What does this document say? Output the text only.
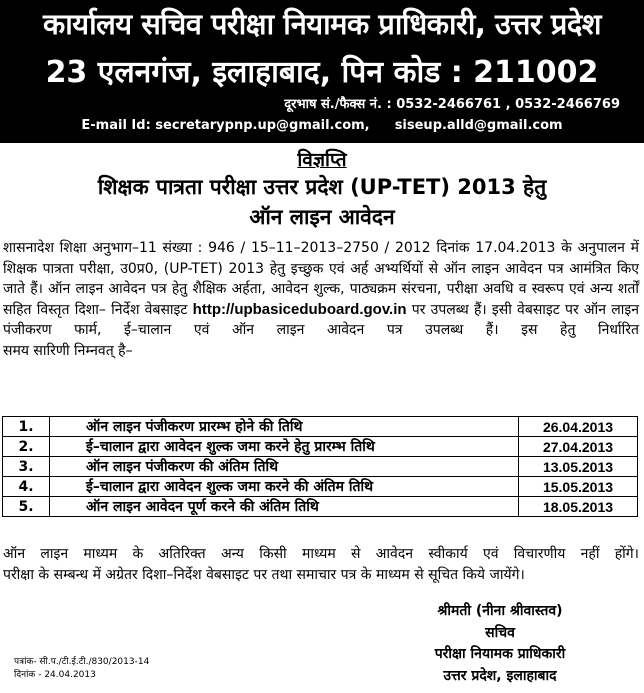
कार्यालय सचिव परीक्षा नियामक प्राधिकारी, उत्तर प्रदेश
23 एलनगंज, इलाहाबाद, पिन कोड : 211002
दूरभाष सं./फैक्स नं. : 0532-2466761 , 0532-2466769
E-mail Id: secretarypnp.up@gmail.com, siseup.alld@gmail.com
विज्ञप्ति
शिक्षक पात्रता परीक्षा उत्तर प्रदेश (UP-TET) 2013 हेतु
ऑन लाइन आवेदन
शासनादेश शिक्षा अनुभाग–11 संख्या : 946 / 15–11–2013–2750 / 2012 दिनांक 17.04.2013 के अनुपालन में शिक्षक पात्रता परीक्षा, उ0प्र0, (UP-TET) 2013 हेतु इच्छुक एवं अर्ह अभ्यर्थियों से ऑन लाइन आवेदन पत्र आमंत्रित किए जाते हैं। ऑन लाइन आवेदन पत्र हेतु शैक्षिक अर्हता, आवेदन शुल्क, पाठ्यक्रम संरचना, परीक्षा अवधि व स्वरूप एवं अन्य शर्तों सहित विस्तृत दिशा– निर्देश वेबसाइट http://upbasiceduboard.gov.in पर उपलब्ध हैं। इसी वेबसाइट पर ऑन लाइन पंजीकरण फार्म, ई–चालान एवं ऑन लाइन आवेदन पत्र उपलब्ध हैं। इस हेतु निर्धारित
समय सारिणी निम्नवत् है–
1.	ऑन लाइन पंजीकरण प्रारम्भ होने की तिथि	26.04.2013
2.	ई–चालान द्वारा आवेदन शुल्क जमा करने हेतु प्रारम्भ तिथि	27.04.2013
3.	ऑन लाइन पंजीकरण की अंतिम तिथि	13.05.2013
4.	ई–चालान द्वारा आवेदन शुल्क जमा करने की अंतिम तिथि	15.05.2013
5.	ऑन लाइन आवेदन पूर्ण करने की अंतिम तिथि	18.05.2013
ऑन लाइन माध्यम के अतिरिक्त अन्य किसी माध्यम से आवेदन स्वीकार्य एवं विचारणीय नहीं होंगे।
परीक्षा के सम्बन्ध में अग्रेतर दिशा–निर्देश वेबसाइट पर तथा समाचार पत्र के माध्यम से सूचित किये जायेंगे।
श्रीमती (नीना श्रीवास्तव)
सचिव
परीक्षा नियामक प्राधिकारी
उत्तर प्रदेश, इलाहाबाद
पत्रांक- सी.प./टी.ई.टी./830/2013-14
दिनांक - 24.04.2013
